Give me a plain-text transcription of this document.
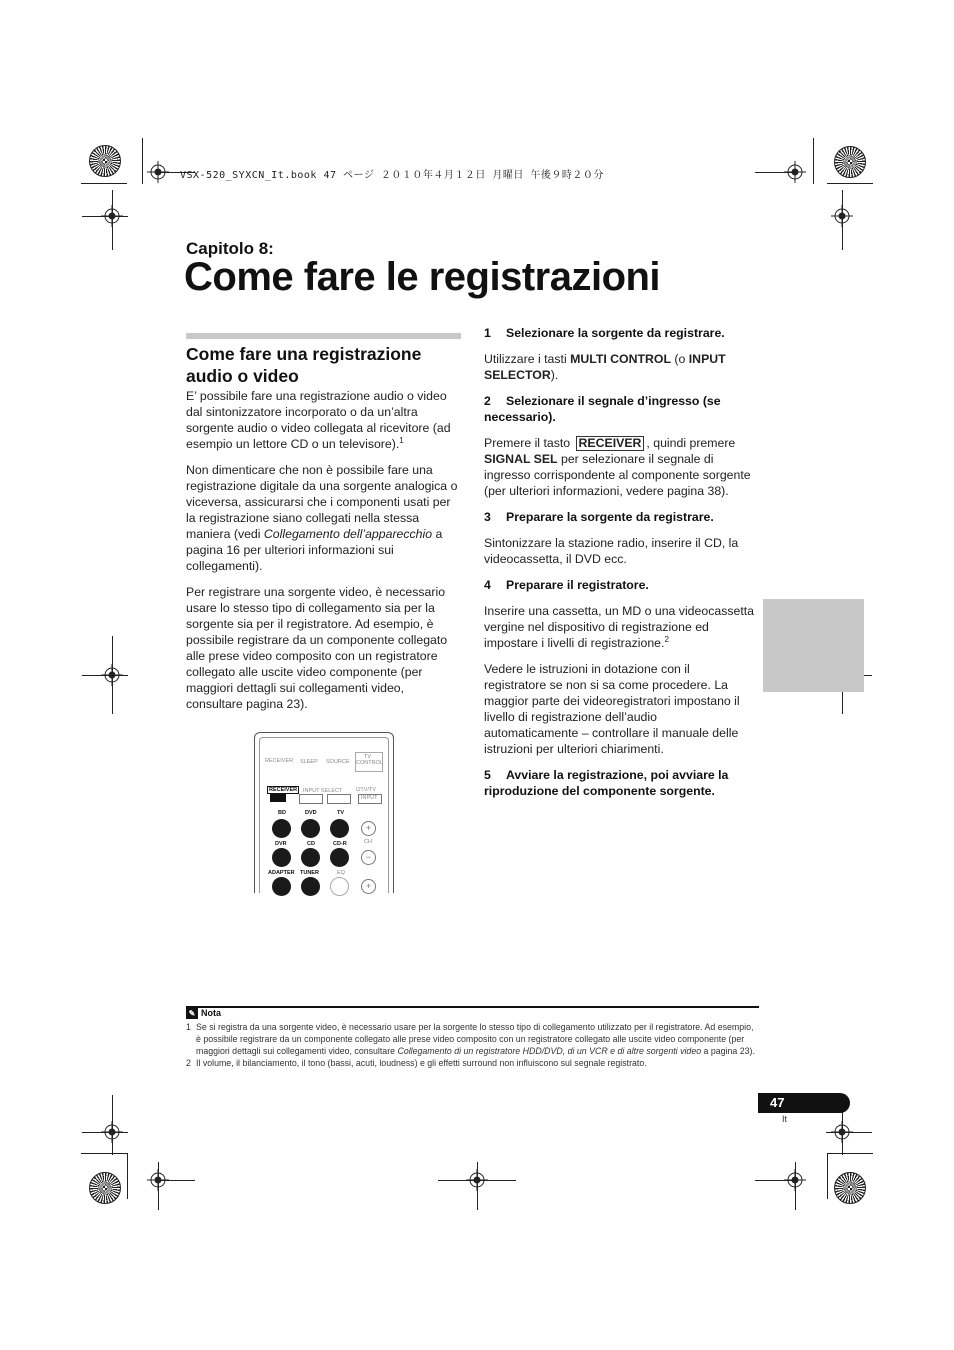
VSX-520_SYXCN_It.book 47 ページ ２０１０年４月１２日 月曜日 午後９時２０分
Capitolo 8:
Come fare le registrazioni
Come fare una registrazione
audio o video

E’ possibile fare una registrazione audio o video dal sintonizzatore incorporato o da un’altra sorgente audio o video collegata al ricevitore (ad esempio un lettore CD o un televisore).$^1$

Non dimenticare che non è possibile fare una registrazione digitale da una sorgente analogica o viceversa, assicurarsi che i componenti usati per la registrazione siano collegati nella stessa maniera (vedi Collegamento dell’apparecchio a pagina 16 per ulteriori informazioni sui collegamenti).

Per registrare una sorgente video, è necessario usare lo stesso tipo di collegamento sia per la sorgente sia per il registratore. Ad esempio, è possibile registrare da un componente collegato alle prese video composito con un registratore collegato alle uscite video componente (per maggiori dettagli sui collegamenti video, consultare pagina 23).

RECEIVER SLEEP SOURCE
TV
CONTROL
RECEIVER	INPUT SELECT ⏻TV/TV
INPUT
BD	DVD	TV
+
DVR	CD	CD-R	CH
−
ADAPTER TUNER	EQ
+

1 Selezionare la sorgente da registrare.

Utilizzare i tasti MULTI CONTROL (o INPUT SELECTOR).

2 Selezionare il segnale d’ingresso (se necessario).

Premere il tasto RECEIVER , quindi premere SIGNAL SEL per selezionare il segnale di ingresso corrispondente al componente sorgente (per ulteriori informazioni, vedere pagina 38).

3 Preparare la sorgente da registrare.

Sintonizzare la stazione radio, inserire il CD, la videocassetta, il DVD ecc.

4 Preparare il registratore.

Inserire una cassetta, un MD o una videocassetta vergine nel dispositivo di registrazione ed impostare i livelli di registrazione.$^2$

Vedere le istruzioni in dotazione con il registratore se non si sa come procedere. La maggior parte dei videoregistratori impostano il livello di registrazione dell’audio automaticamente – controllare il manuale delle istruzioni per ulteriori chiarimenti.

5 Avviare la registrazione, poi avviare la riproduzione del componente sorgente.

✎ Nota
1 Se si registra da una sorgente video, è necessario usare per la sorgente lo stesso tipo di collegamento utilizzato per il registratore. Ad esempio, è possibile registrare da un componente collegato alle prese video composito con un registratore collegato alle uscite video componente (per maggiori dettagli sui collegamenti video, consultare Collegamento di un registratore HDD/DVD, di un VCR e di altre sorgenti video a pagina 23).
2 Il volume, il bilanciamento, il tono (bassi, acuti, loudness) e gli effetti surround non influiscono sul segnale registrato.
47
It
